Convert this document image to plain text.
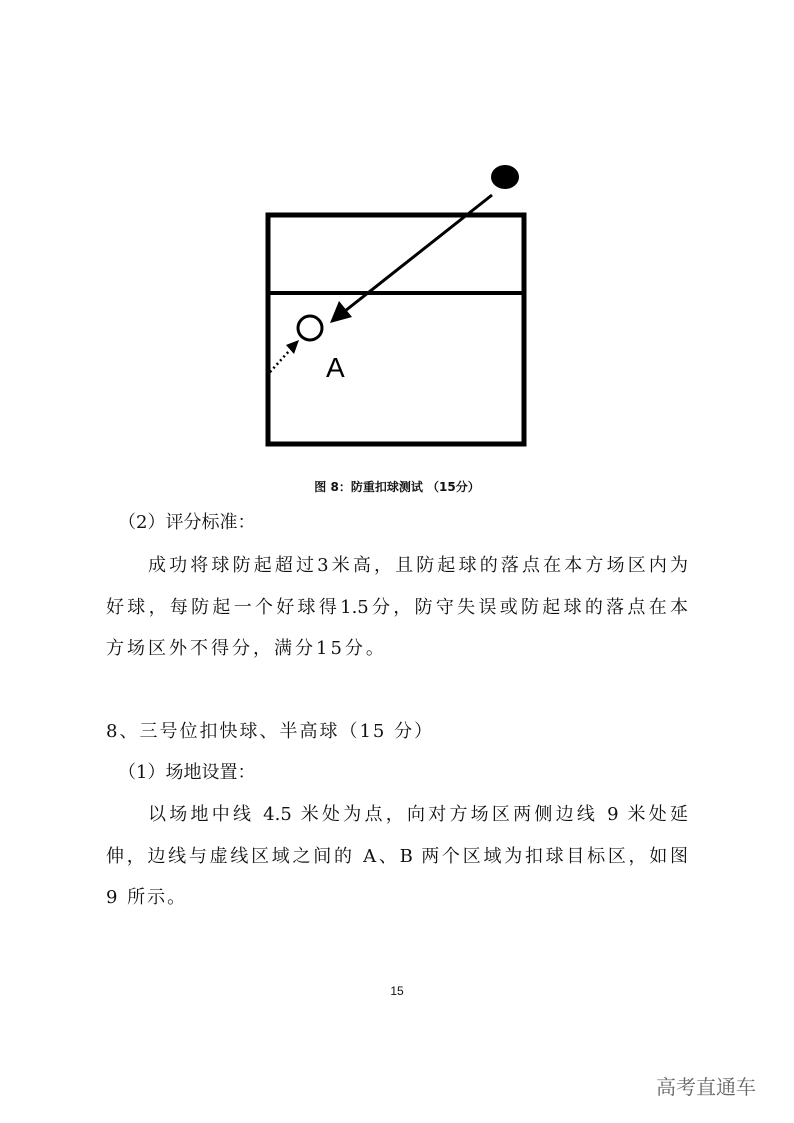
A
图 8：防重扣球测试 （15分）
（2）评分标准：
成功将球防起超过3米高，且防起球的落点在本方场区内为
好球，每防起一个好球得1.5分，防守失误或防起球的落点在本
方场区外不得分，满分15分。
8、三号位扣快球、半高球（15 分）
（1）场地设置：
以场地中线 4.5 米处为点，向对方场区两侧边线 9 米处延
伸，边线与虚线区域之间的 A、B 两个区域为扣球目标区，如图
9 所示。
15
高考直通车
